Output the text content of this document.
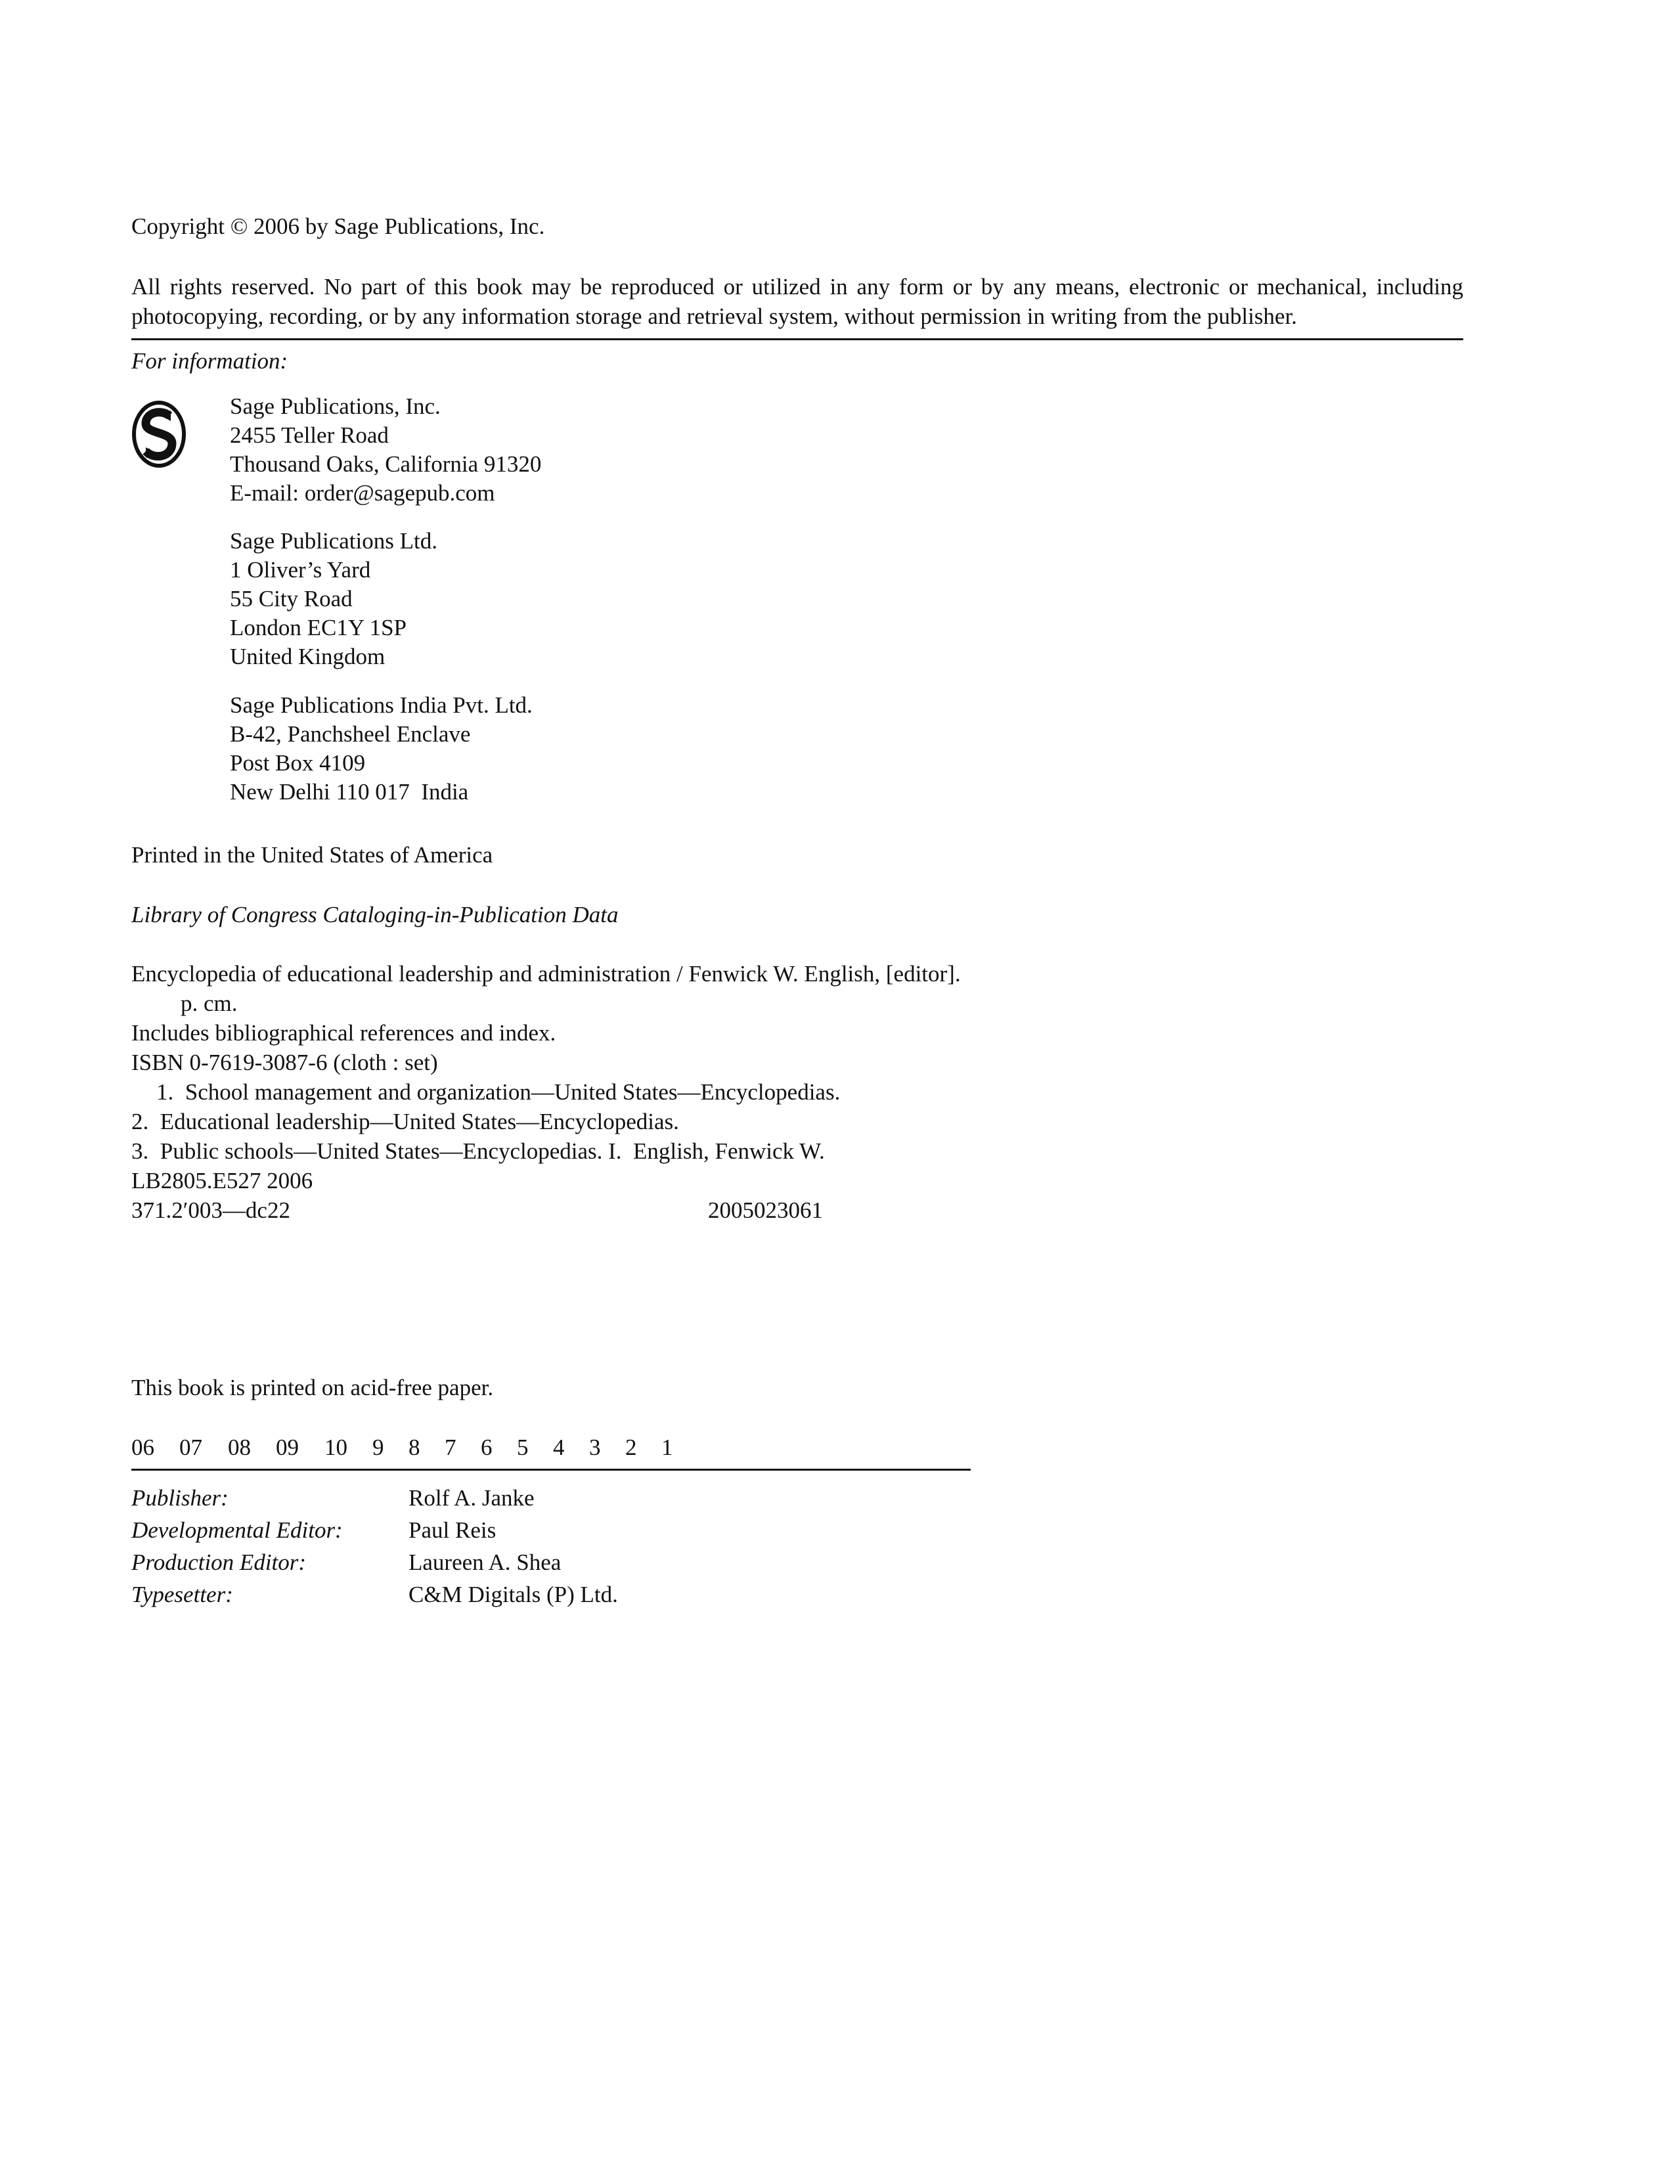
Copyright © 2006 by Sage Publications, Inc.
All rights reserved. No part of this book may be reproduced or utilized in any form or by any means, electronic or mechanical, including
photocopying, recording, or by any information storage and retrieval system, without permission in writing from the publisher.
For information:
Sage Publications, Inc.
2455 Teller Road
Thousand Oaks, California 91320
E-mail: order@sagepub.com
Sage Publications Ltd.
1 Oliver’s Yard
55 City Road
London EC1Y 1SP
United Kingdom
Sage Publications India Pvt. Ltd.
B-42, Panchsheel Enclave
Post Box 4109
New Delhi 110 017  India
Printed in the United States of America
Library of Congress Cataloging-in-Publication Data
Encyclopedia of educational leadership and administration / Fenwick W. English, [editor].
p. cm.
Includes bibliographical references and index.
ISBN 0-7619-3087-6 (cloth : set)
1.  School management and organization—United States—Encyclopedias.
2.  Educational leadership—United States—Encyclopedias.
3.  Public schools—United States—Encyclopedias. I.  English, Fenwick W.
LB2805.E527 2006
371.2′003—dc22	2005023061
This book is printed on acid-free paper.
06 07 08 09 10 9 8 7 6 5 4 3 2 1
Publisher:	Rolf A. Janke
Developmental Editor:	Paul Reis
Production Editor:	Laureen A. Shea
Typesetter:	C&M Digitals (P) Ltd.
